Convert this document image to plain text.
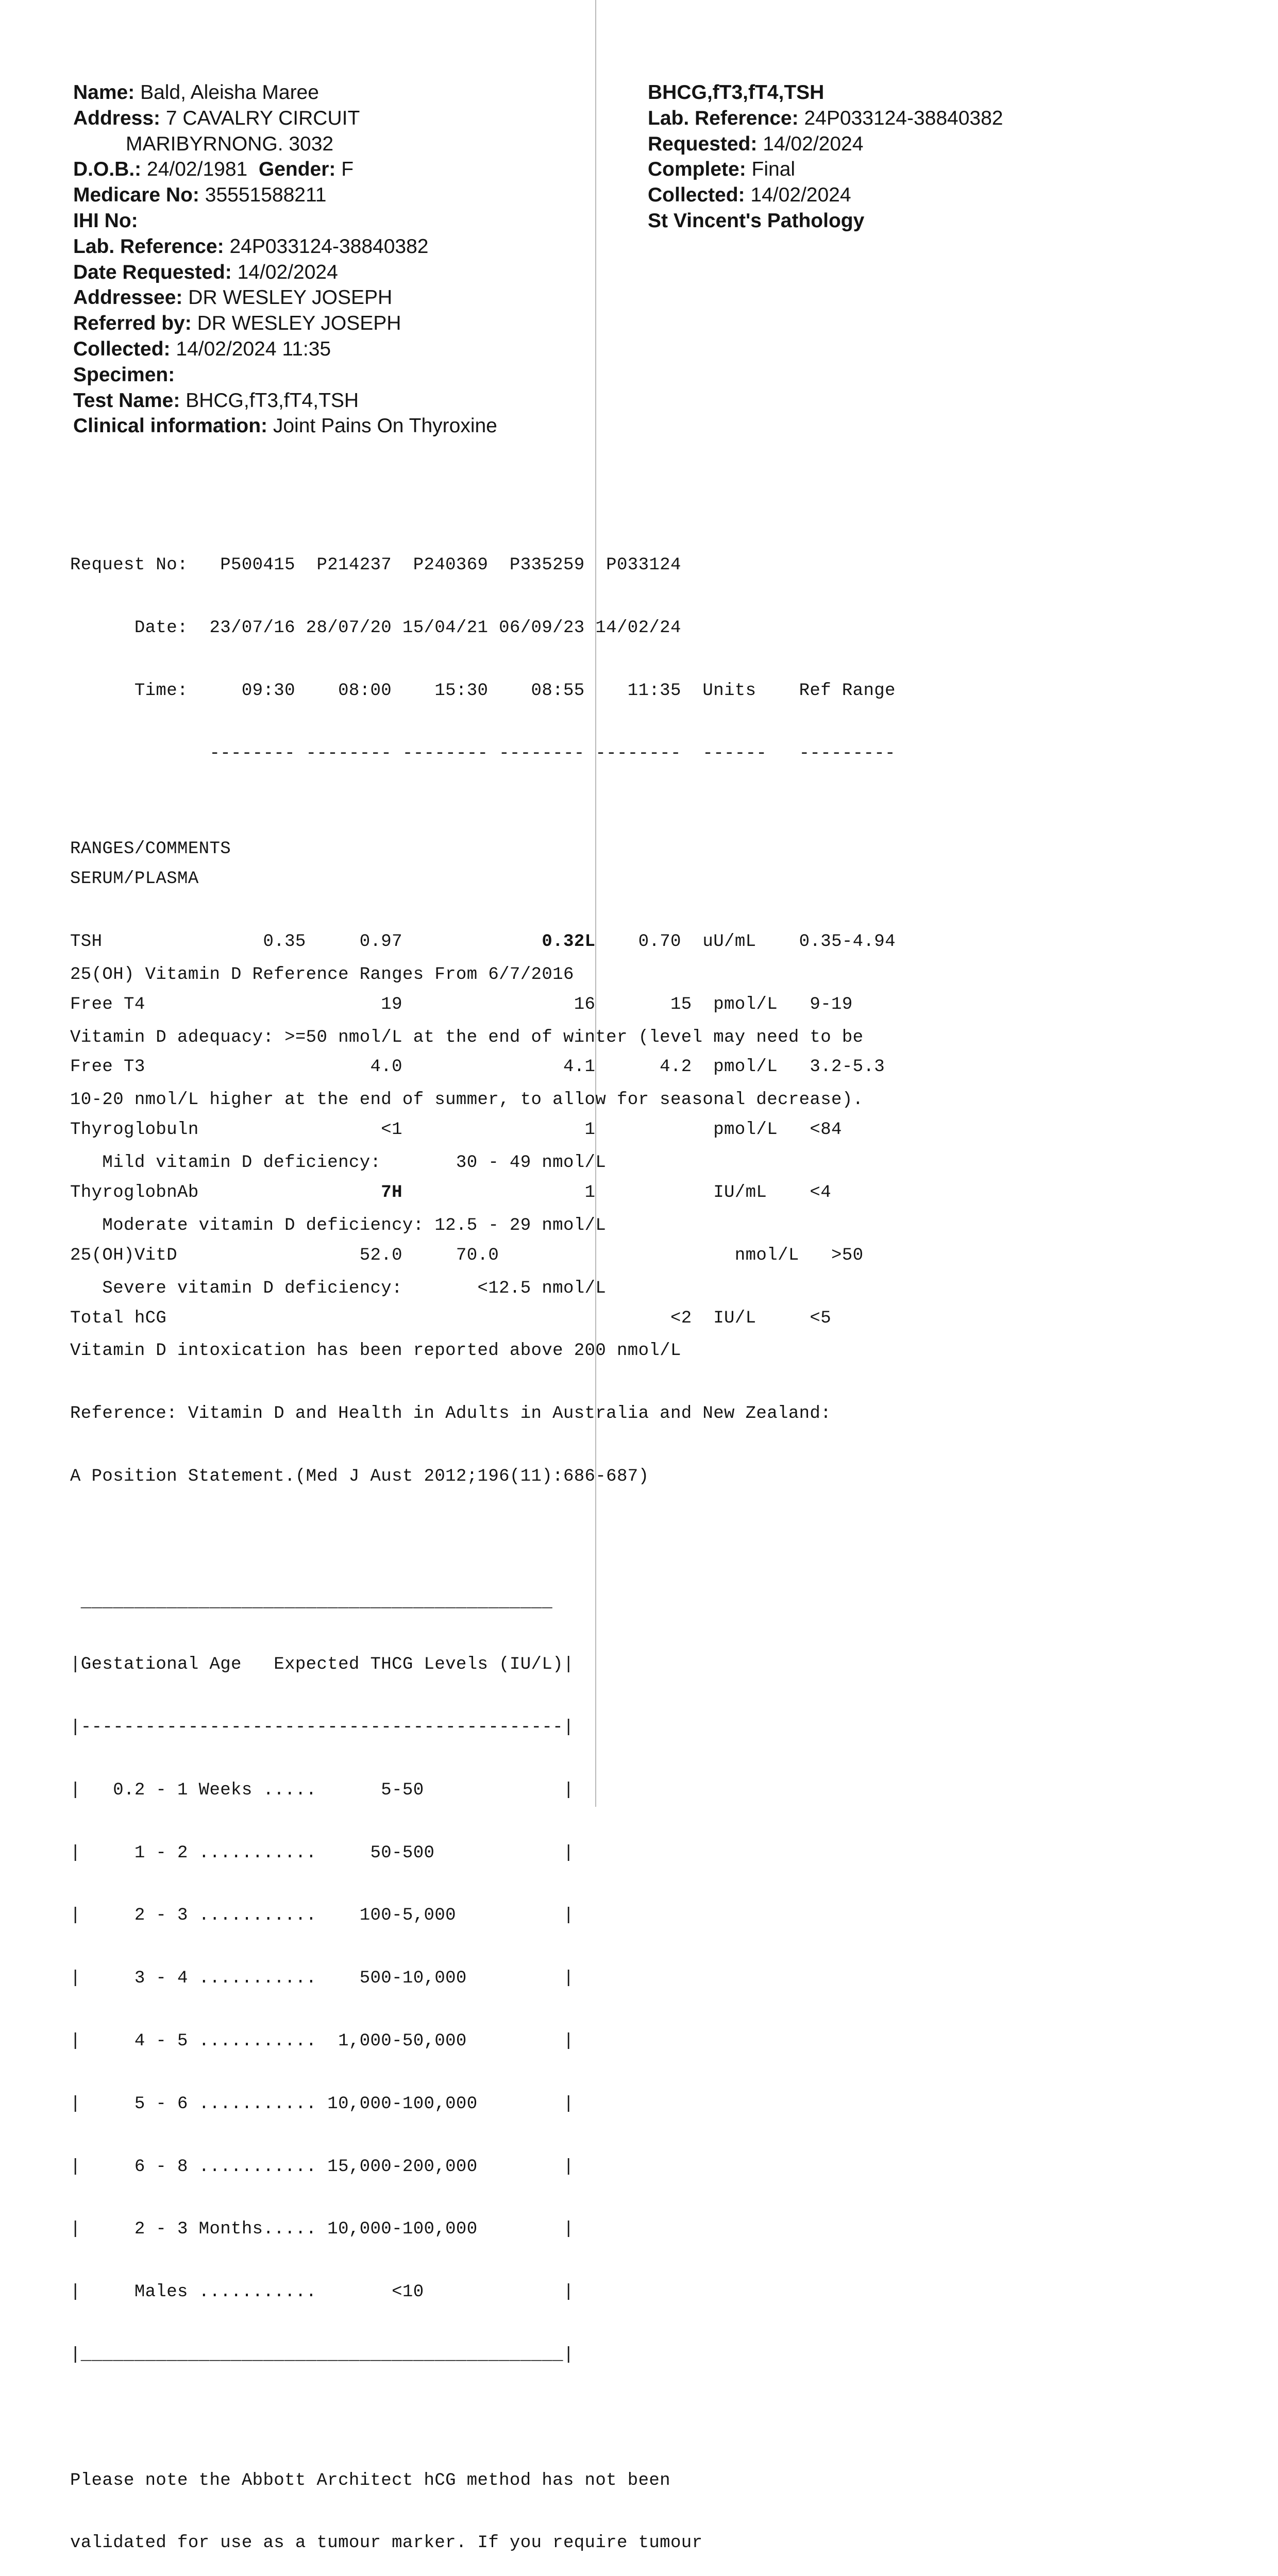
Name: Bald, Aleisha Maree
Address: 7 CAVALRY CIRCUIT
MARIBYRNONG. 3032
D.O.B.: 24/02/1981 Gender: F
Medicare No: 35551588211
IHI No:
Lab. Reference: 24P033124-38840382
Date Requested: 14/02/2024
Addressee: DR WESLEY JOSEPH
Referred by: DR WESLEY JOSEPH
Collected: 14/02/2024 11:35
Specimen:
Test Name: BHCG,fT3,fT4,TSH
Clinical information: Joint Pains On Thyroxine
BHCG,fT3,fT4,TSH
Lab. Reference: 24P033124-38840382
Requested: 14/02/2024
Complete: Final
Collected: 14/02/2024
St Vincent's Pathology

Request No:   P500415  P214237  P240369  P335259  P033124

Date:  23/07/16 28/07/20 15/04/21 06/09/23 14/02/24

Time:     09:30    08:00    15:30    08:55    11:35  Units    Ref Range

-------- -------- -------- -------- --------  ------   ---------

SERUM/PLASMA

TSH               0.35     0.97             0.32L    0.70  uU/mL    0.35-4.94

Free T4                      19                16       15  pmol/L   9-19

Free T3                     4.0               4.1      4.2  pmol/L   3.2-5.3

Thyroglobuln                 <1                 1           pmol/L   <84

ThyroglobnAb                 7H                 1           IU/mL    <4

25(OH)VitD                 52.0     70.0                      nmol/L   >50

Total hCG                                               <2  IU/L     <5

RANGES/COMMENTS

25(OH) Vitamin D Reference Ranges From 6/7/2016

Vitamin D adequacy: >=50 nmol/L at the end of winter (level may need to be

10-20 nmol/L higher at the end of summer, to allow for seasonal decrease).

Mild vitamin D deficiency:       30 - 49 nmol/L

Moderate vitamin D deficiency: 12.5 - 29 nmol/L

Severe vitamin D deficiency:       <12.5 nmol/L

Vitamin D intoxication has been reported above 200 nmol/L

Reference: Vitamin D and Health in Adults in Australia and New Zealand:

A Position Statement.(Med J Aust 2012;196(11):686-687)

____________________________________________

|Gestational Age   Expected THCG Levels (IU/L)|

|---------------------------------------------|

|   0.2 - 1 Weeks .....      5-50             |

|     1 - 2 ...........     50-500            |

|     2 - 3 ...........    100-5,000          |

|     3 - 4 ...........    500-10,000         |

|     4 - 5 ...........  1,000-50,000         |

|     5 - 6 ........... 10,000-100,000        |

|     6 - 8 ........... 15,000-200,000        |

|     2 - 3 Months..... 10,000-100,000        |

|     Males ...........       <10             |

|_____________________________________________|

Please note the Abbott Architect hCG method has not been

validated for use as a tumour marker. If you require tumour
